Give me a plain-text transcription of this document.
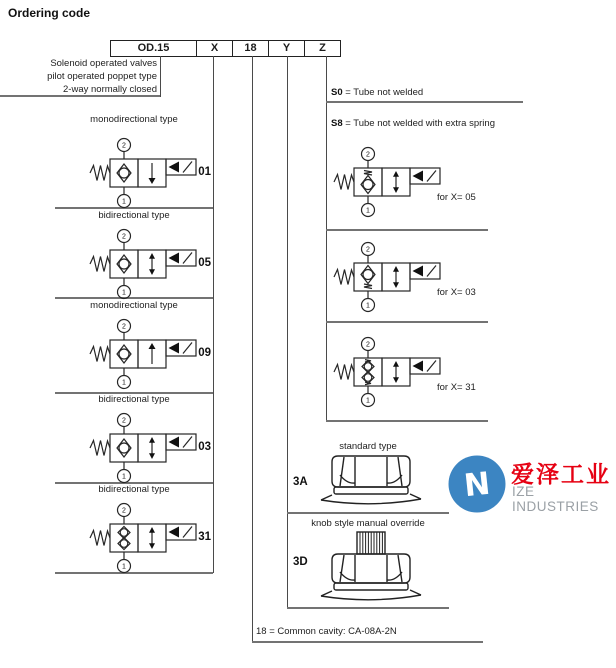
Ordering code
OD.15	X	18	Y	Z
Solenoid operated valves
pilot operated poppet type
2-way normally closed
monodirectional type
2
1
01
bidirectional type
2
1
05
monodirectional type
2
1
09
bidirectional type
2
1
03
bidirectional type
2
1
31
S0 = Tube not welded
S8 = Tube not welded with extra spring
2
1
for X= 05
2
1
for X= 03
2
1
for X= 31
standard type
3A
knob style manual override
3D
18 = Common cavity: CA-08A-2N
N 爱泽工业
IZE INDUSTRIES
